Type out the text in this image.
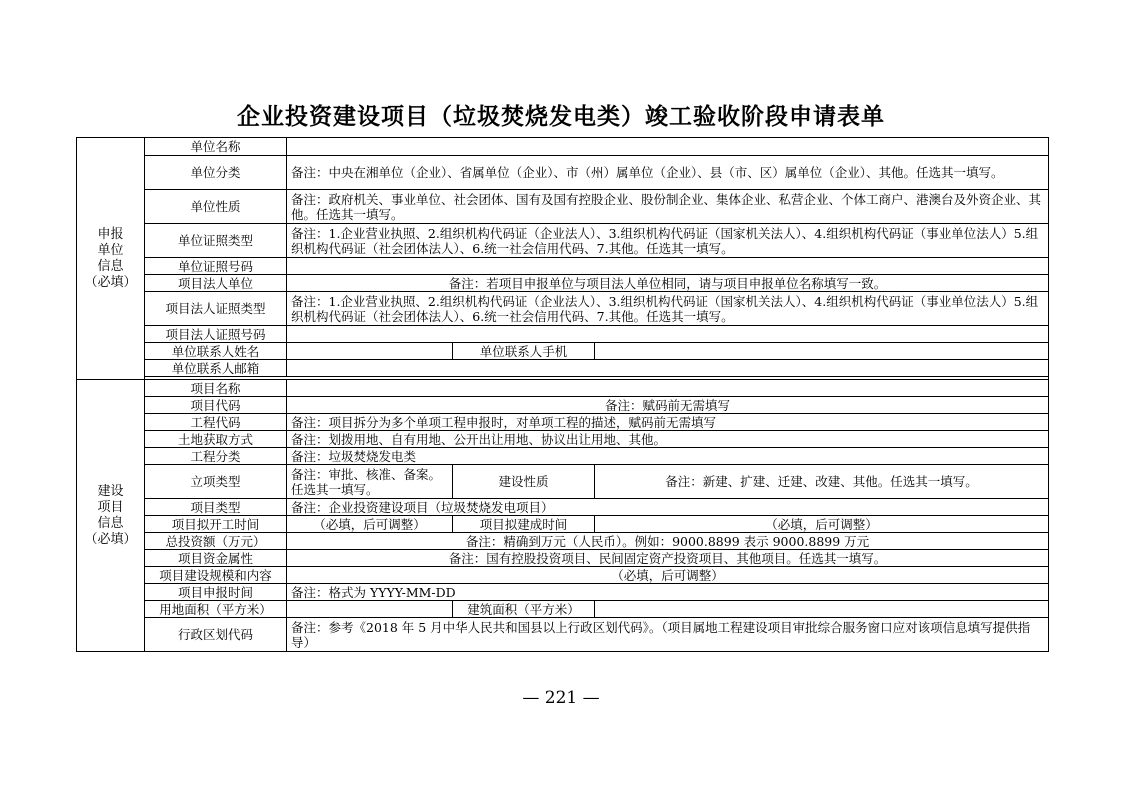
企业投资建设项目（垃圾焚烧发电类）竣工验收阶段申请表单
申报
单位
信息
（必填）	单位名称			
	单位分类	备注：中央在湘单位（企业）、省属单位（企业）、市（州）属单位（企业）、县（市、区）属单位（企业）、其他。任选其一填写。		
	单位性质	备注：政府机关、事业单位、社会团体、国有及国有控股企业、股份制企业、集体企业、私营企业、个体工商户、港澳台及外资企业、其他。任选其一填写。		
	单位证照类型	备注：1.企业营业执照、2.组织机构代码证（企业法人）、3.组织机构代码证（国家机关法人）、4.组织机构代码证（事业单位法人）5.组织机构代码证（社会团体法人）、6.统一社会信用代码、7.其他。任选其一填写。		
	单位证照号码			
	项目法人单位	备注：若项目申报单位与项目法人单位相同，请与项目申报单位名称填写一致。		
	项目法人证照类型	备注：1.企业营业执照、2.组织机构代码证（企业法人）、3.组织机构代码证（国家机关法人）、4.组织机构代码证（事业单位法人）5.组织机构代码证（社会团体法人）、6.统一社会信用代码、7.其他。任选其一填写。		
	项目法人证照号码			
	单位联系人姓名		单位联系人手机	
	单位联系人邮箱			

建设
项目
信息
（必填）	项目名称			
	项目代码	备注：赋码前无需填写		
	工程代码	备注：项目拆分为多个单项工程申报时，对单项工程的描述，赋码前无需填写		
	土地获取方式	备注：划拨用地、自有用地、公开出让用地、协议出让用地、其他。		
	工程分类	备注：垃圾焚烧发电类		
	立项类型	备注：审批、核准、备案。任选其一填写。	建设性质	备注：新建、扩建、迁建、改建、其他。任选其一填写。
	项目类型	备注：企业投资建设项目（垃圾焚烧发电项目）		
	项目拟开工时间	（必填，后可调整）	项目拟建成时间	（必填，后可调整）
	总投资额（万元）	备注：精确到万元（人民币）。例如：9000.8899 表示 9000.8899 万元		
	项目资金属性	备注：国有控股投资项目、民间固定资产投资项目、其他项目。任选其一填写。		
	项目建设规模和内容	（必填，后可调整）		
	项目申报时间	备注：格式为 YYYY-MM-DD		
	用地面积（平方米）		建筑面积（平方米）	
	行政区划代码	备注：参考《2018 年 5 月中华人民共和国县以上行政区划代码》。（项目属地工程建设项目审批综合服务窗口应对该项信息填写提供指导）		
— 221 —
